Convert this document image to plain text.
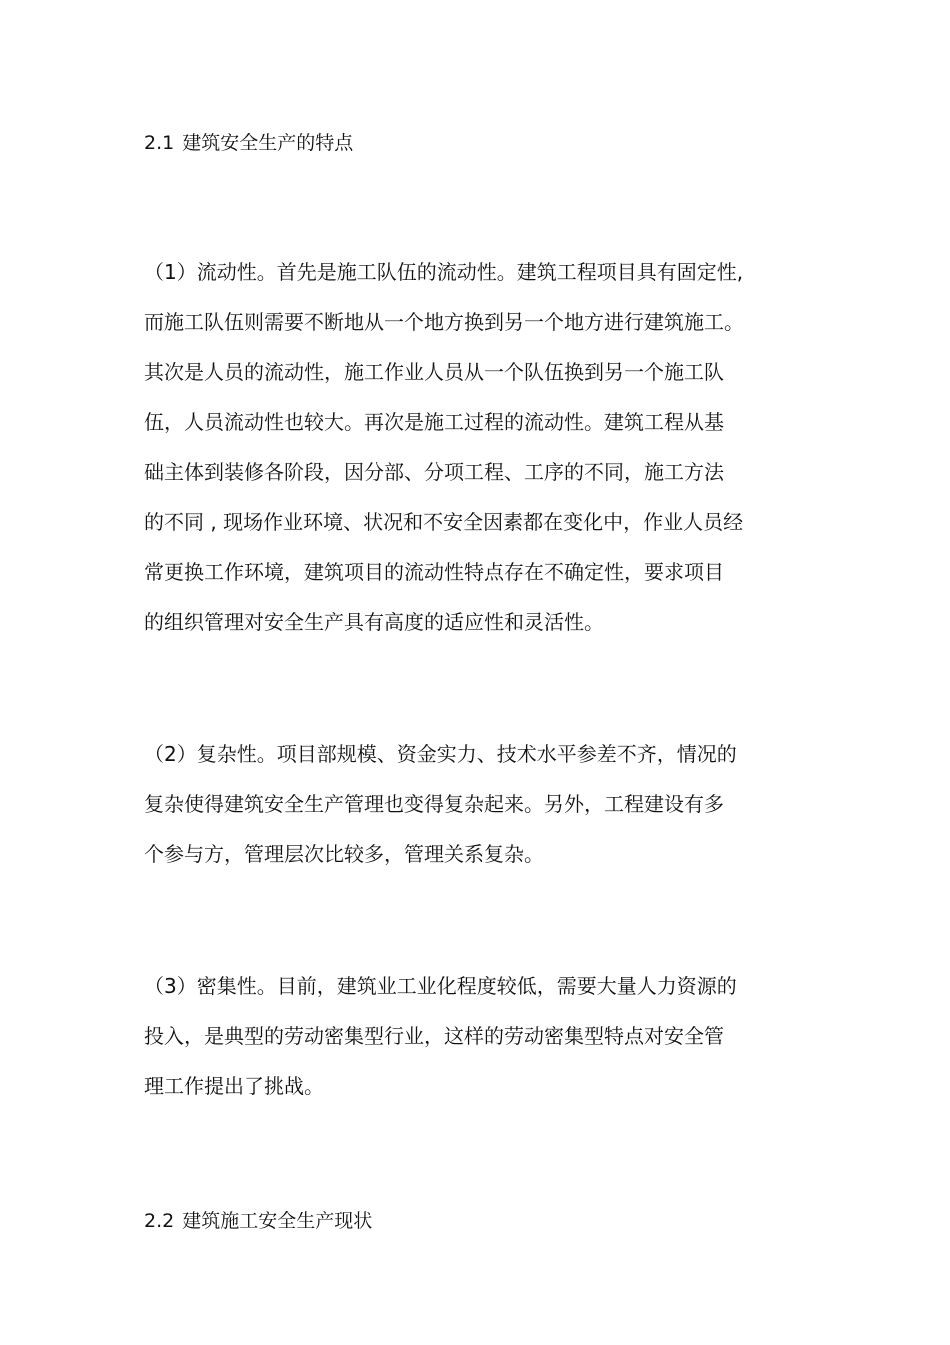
2.1 建筑安全生产的特点
（1）流动性。首先是施工队伍的流动性。建筑工程项目具有固定性,
而施工队伍则需要不断地从一个地方换到另一个地方进行建筑施工。
其次是人员的流动性，施工作业人员从一个队伍换到另一个施工队
伍，人员流动性也较大。再次是施工过程的流动性。建筑工程从基
础主体到装修各阶段，因分部、分项工程、工序的不同，施工方法
的不同 , 现场作业环境、状况和不安全因素都在变化中，作业人员经
常更换工作环境，建筑项目的流动性特点存在不确定性，要求项目
的组织管理对安全生产具有高度的适应性和灵活性。
（2）复杂性。项目部规模、资金实力、技术水平参差不齐，情况的
复杂使得建筑安全生产管理也变得复杂起来。另外，工程建设有多
个参与方，管理层次比较多，管理关系复杂。
（3）密集性。目前，建筑业工业化程度较低，需要大量人力资源的
投入，是典型的劳动密集型行业，这样的劳动密集型特点对安全管
理工作提出了挑战。
2.2 建筑施工安全生产现状
